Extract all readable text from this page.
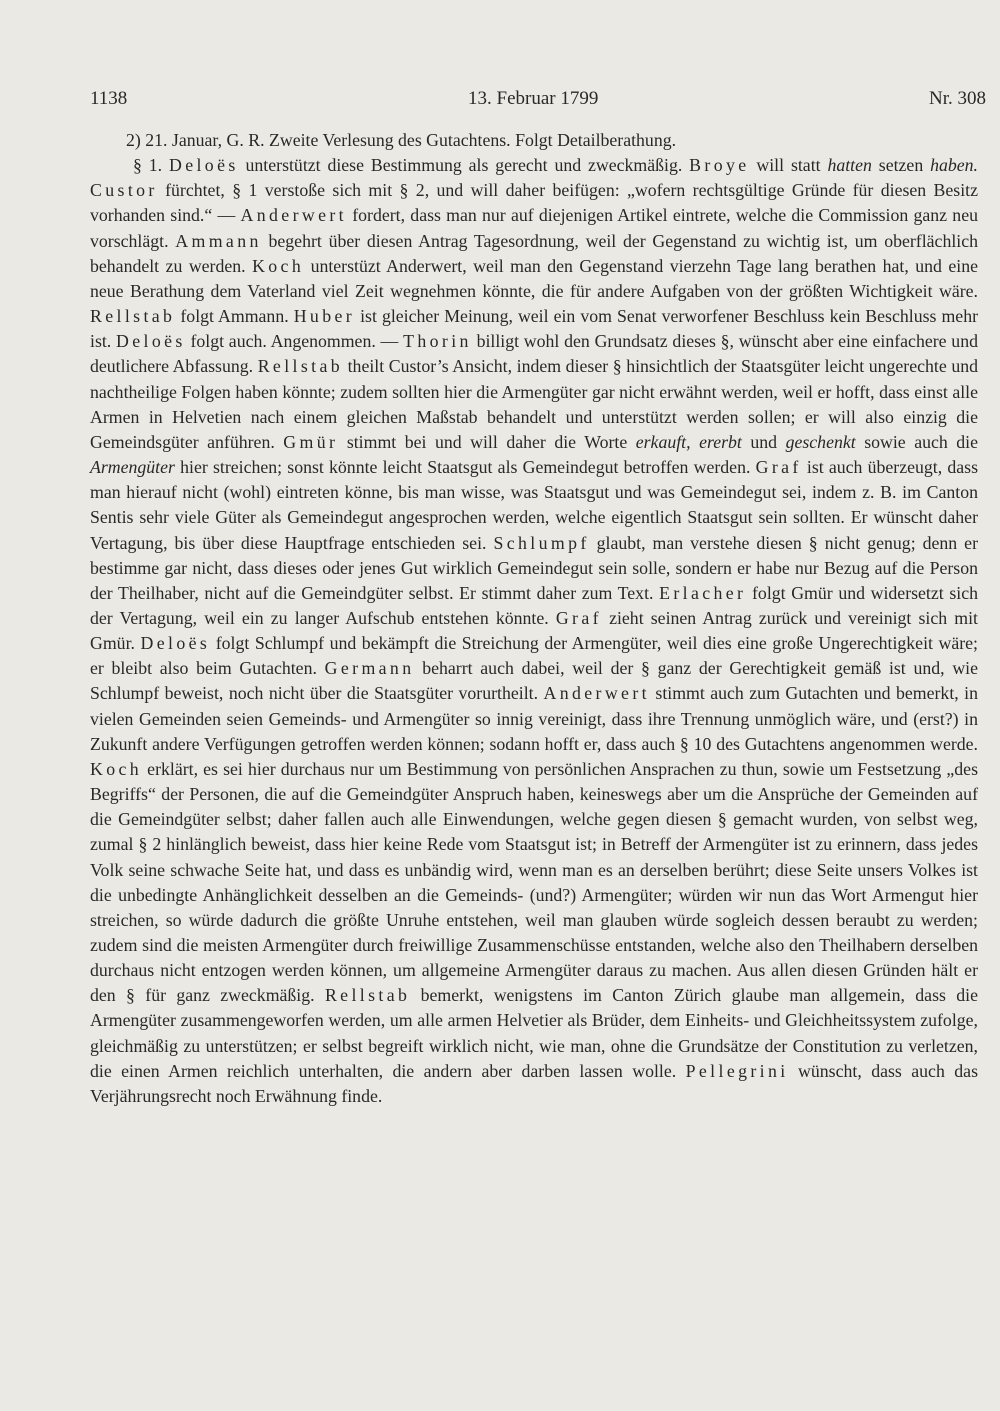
1138	13. Februar 1799	Nr. 308

2) 21. Januar, G. R. Zweite Verlesung des Gutachtens. Folgt Detailberathung.

§ 1. Deloës unterstützt diese Bestimmung als gerecht und zweckmäßig. Broye will statt hatten setzen haben. Custor fürchtet, § 1 verstoße sich mit § 2, und will daher beifügen: „wofern rechtsgültige Gründe für diesen Besitz vorhanden sind.“ — Anderwert fordert, dass man nur auf diejenigen Artikel eintrete, welche die Commission ganz neu vorschlägt. Ammann begehrt über diesen Antrag Tagesordnung, weil der Gegenstand zu wichtig ist, um oberflächlich behandelt zu werden. Koch unterstüzt Anderwert, weil man den Gegenstand vierzehn Tage lang berathen hat, und eine neue Berathung dem Vaterland viel Zeit wegnehmen könnte, die für andere Aufgaben von der größten Wichtigkeit wäre. Rellstab folgt Ammann. Huber ist gleicher Meinung, weil ein vom Senat verworfener Beschluss kein Beschluss mehr ist. Deloës folgt auch. Angenommen. — Thorin billigt wohl den Grundsatz dieses §, wünscht aber eine einfachere und deutlichere Abfassung. Rellstab theilt Custor’s Ansicht, indem dieser § hinsichtlich der Staatsgüter leicht ungerechte und nachtheilige Folgen haben könnte; zudem sollten hier die Armengüter gar nicht erwähnt werden, weil er hofft, dass einst alle Armen in Helvetien nach einem gleichen Maßstab behandelt und unterstützt werden sollen; er will also einzig die Gemeindsgüter anführen. Gmür stimmt bei und will daher die Worte erkauft, ererbt und geschenkt sowie auch die Armengüter hier streichen; sonst könnte leicht Staatsgut als Gemeindegut betroffen werden. Graf ist auch überzeugt, dass man hierauf nicht (wohl) eintreten könne, bis man wisse, was Staatsgut und was Gemeindegut sei, indem z. B. im Canton Sentis sehr viele Güter als Gemeindegut angesprochen werden, welche eigentlich Staatsgut sein sollten. Er wünscht daher Vertagung, bis über diese Hauptfrage entschieden sei. Schlumpf glaubt, man verstehe diesen § nicht genug; denn er bestimme gar nicht, dass dieses oder jenes Gut wirklich Gemeindegut sein solle, sondern er habe nur Bezug auf die Person der Theilhaber, nicht auf die Gemeindgüter selbst. Er stimmt daher zum Text. Erlacher folgt Gmür und widersetzt sich der Vertagung, weil ein zu langer Aufschub entstehen könnte. Graf zieht seinen Antrag zurück und vereinigt sich mit Gmür. Deloës folgt Schlumpf und bekämpft die Streichung der Armengüter, weil dies eine große Ungerechtigkeit wäre; er bleibt also beim Gutachten. Germann beharrt auch dabei, weil der § ganz der Gerechtigkeit gemäß ist und, wie Schlumpf beweist, noch nicht über die Staatsgüter vorurtheilt. Anderwert stimmt auch zum Gutachten und bemerkt, in vielen Gemeinden seien Gemeinds- und Armengüter so innig vereinigt, dass ihre Trennung unmöglich wäre, und (erst?) in Zukunft andere Verfügungen getroffen werden können; sodann hofft er, dass auch § 10 des Gutachtens angenommen werde. Koch erklärt, es sei hier durchaus nur um Bestimmung von persönlichen Ansprachen zu thun, sowie um Festsetzung „des Begriffs“ der Personen, die auf die Gemeindgüter Anspruch haben, keineswegs aber um die Ansprüche der Gemeinden auf die Gemeindgüter selbst; daher fallen auch alle Einwendungen, welche gegen diesen § gemacht wurden, von selbst weg, zumal § 2 hinlänglich beweist, dass hier keine Rede vom Staatsgut ist; in Betreff der Armengüter ist zu erinnern, dass jedes Volk seine schwache Seite hat, und dass es unbändig wird, wenn man es an derselben berührt; diese Seite unsers Volkes ist die unbedingte Anhänglichkeit desselben an die Gemeinds- (und?) Armengüter; würden wir nun das Wort Armengut hier streichen, so würde dadurch die größte Unruhe entstehen, weil man glauben würde sogleich dessen beraubt zu werden; zudem sind die meisten Armengüter durch freiwillige Zusammenschüsse entstanden, welche also den Theilhabern derselben durchaus nicht entzogen werden können, um allgemeine Armengüter daraus zu machen. Aus allen diesen Gründen hält er den § für ganz zweckmäßig. Rellstab bemerkt, wenigstens im Canton Zürich glaube man allgemein, dass die Armengüter zusammengeworfen werden, um alle armen Helvetier als Brüder, dem Einheits- und Gleichheitssystem zufolge, gleichmäßig zu unterstützen; er selbst begreift wirklich nicht, wie man, ohne die Grundsätze der Constitution zu verletzen, die einen Armen reichlich unterhalten, die andern aber darben lassen wolle. Pellegrini wünscht, dass auch das Verjährungsrecht noch Erwähnung finde.
